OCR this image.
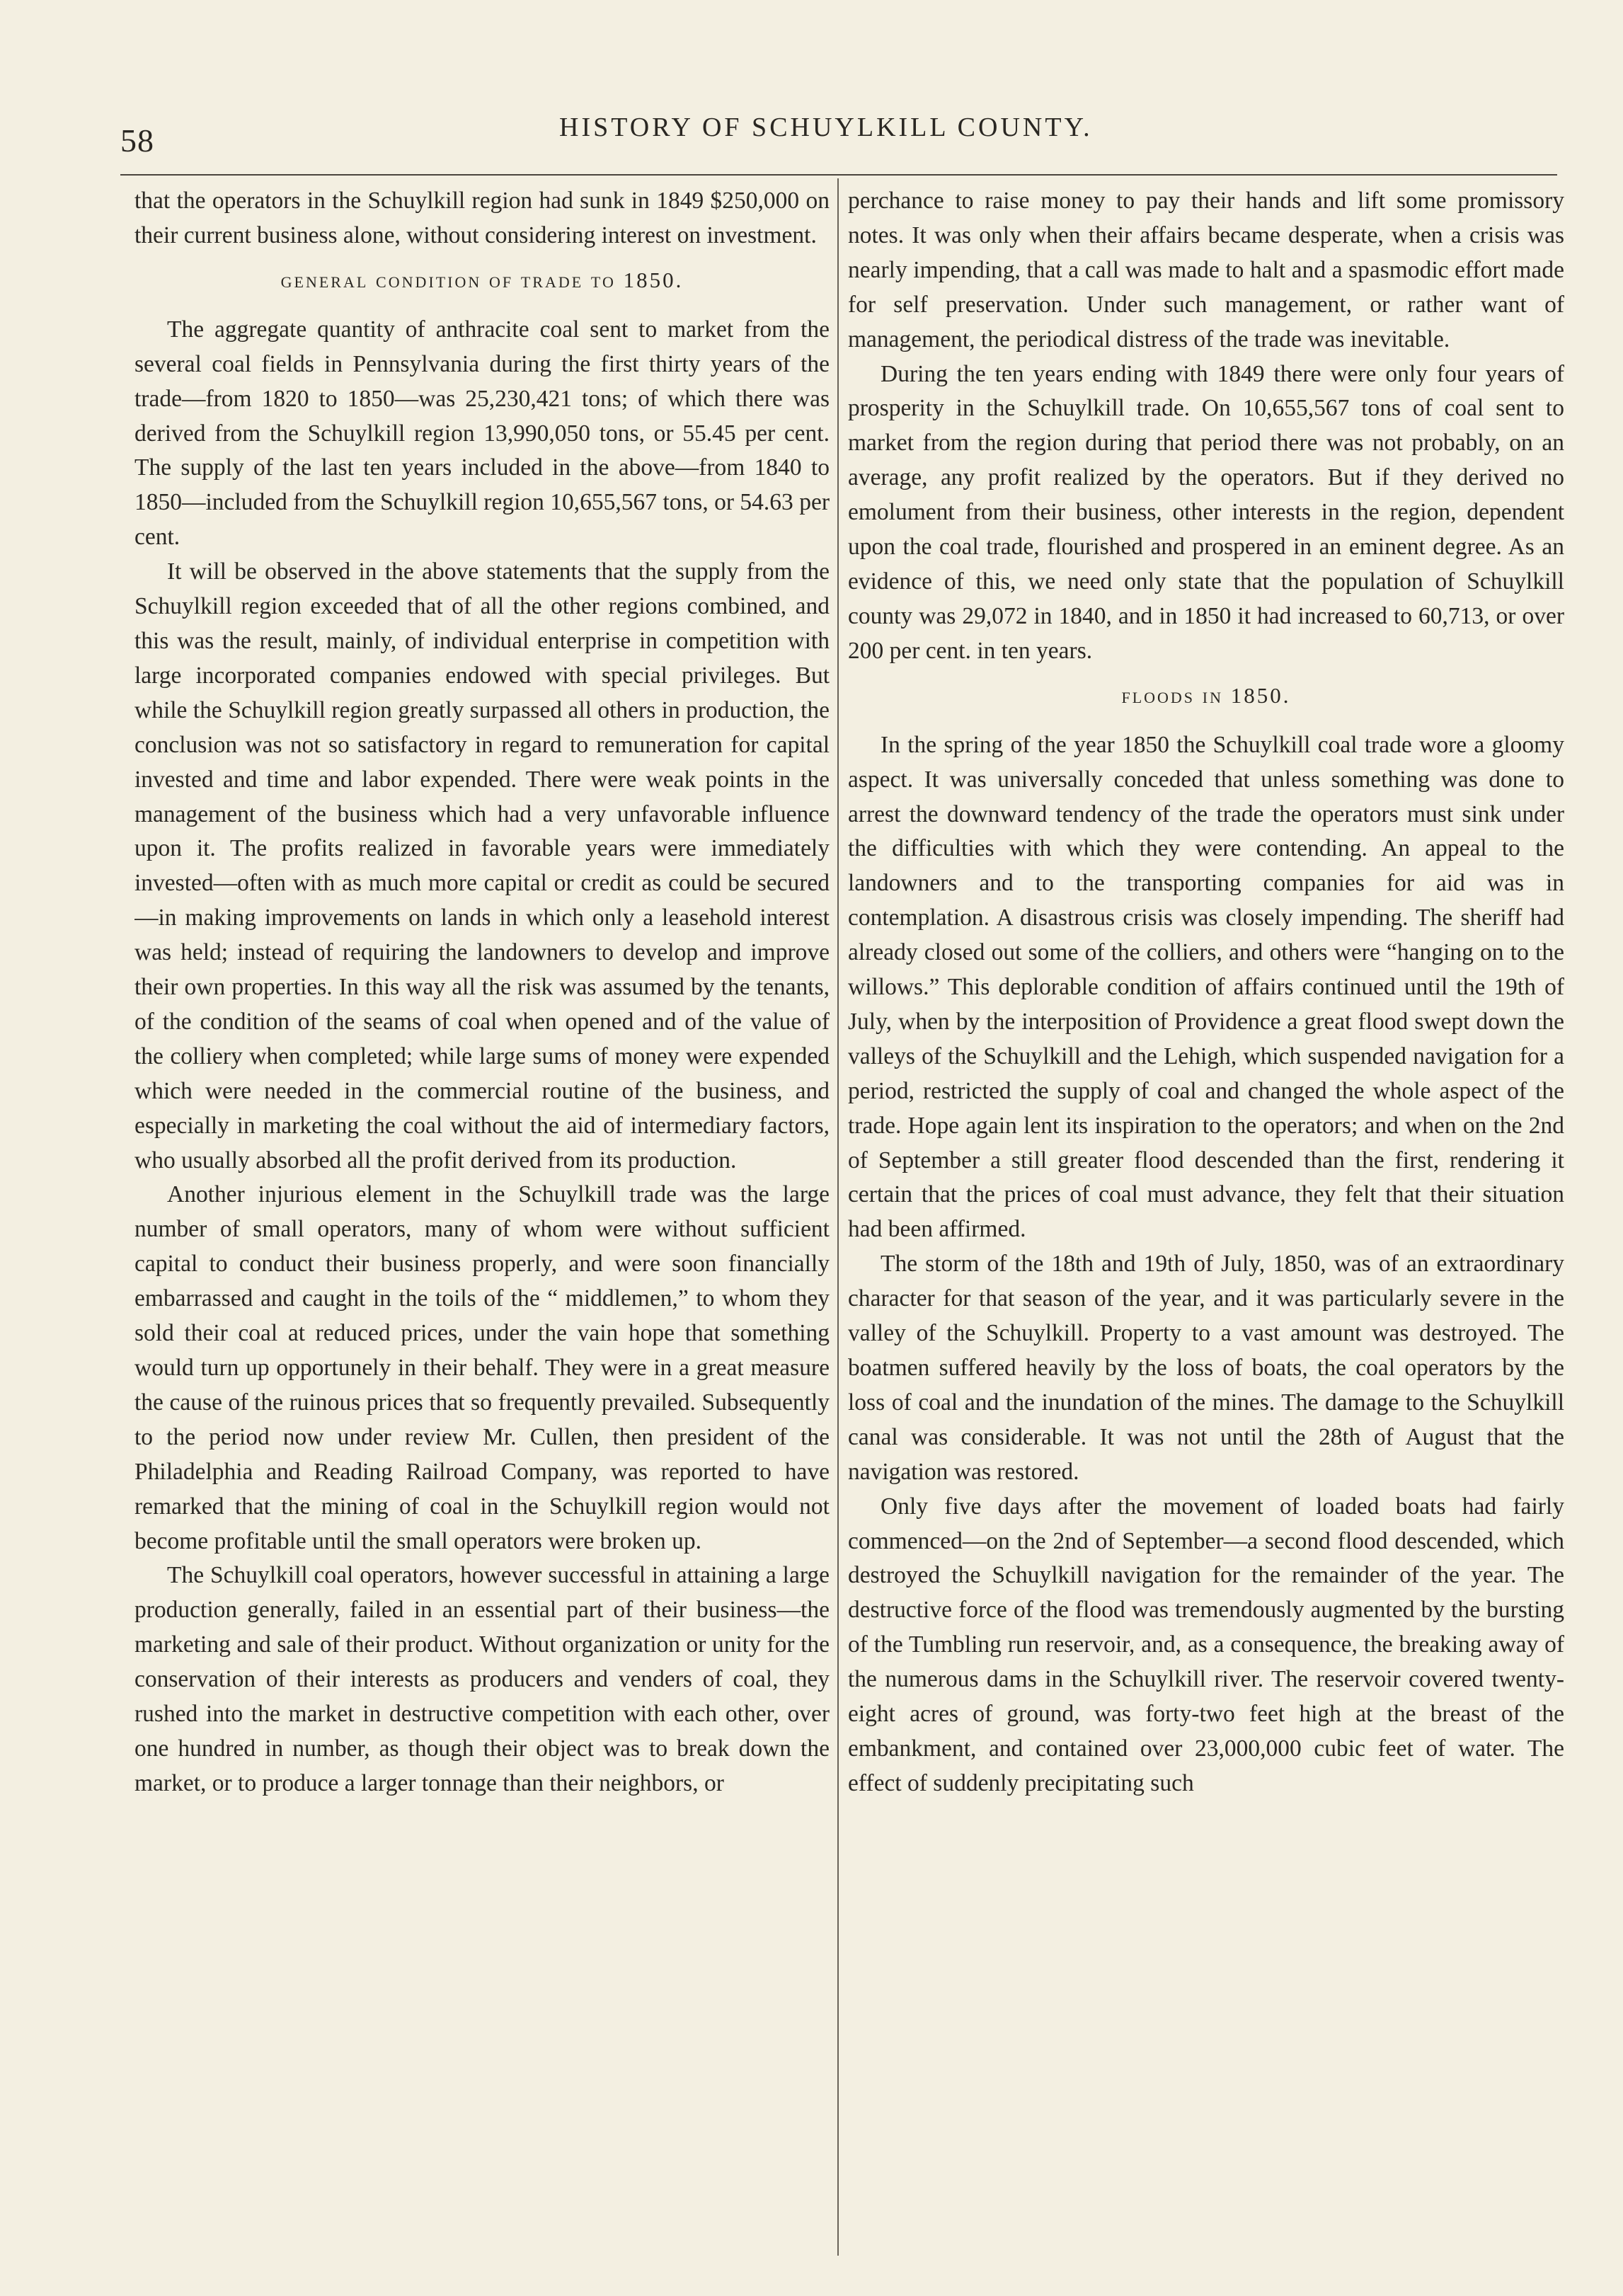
58	HISTORY OF SCHUYLKILL COUNTY.

that the operators in the Schuylkill region had sunk in 1849 $250,000 on their current business alone, without considering interest on investment.

general condition of trade to 1850.

The aggregate quantity of anthracite coal sent to market from the several coal fields in Pennsylvania during the first thirty years of the trade—from 1820 to 1850—was 25,230,421 tons; of which there was derived from the Schuylkill region 13,990,050 tons, or 55.45 per cent. The supply of the last ten years included in the above—from 1840 to 1850—included from the Schuylkill region 10,655,567 tons, or 54.63 per cent.

It will be observed in the above statements that the supply from the Schuylkill region exceeded that of all the other regions combined, and this was the result, mainly, of individual enterprise in competition with large incorporated companies endowed with special privileges. But while the Schuylkill region greatly surpassed all others in production, the conclusion was not so satisfactory in regard to remuneration for capital invested and time and labor expended. There were weak points in the management of the business which had a very unfavorable influence upon it. The profits realized in favorable years were immediately invested—often with as much more capital or credit as could be secured—in making improvements on lands in which only a leasehold interest was held; instead of requiring the landowners to develop and improve their own properties. In this way all the risk was assumed by the tenants, of the condition of the seams of coal when opened and of the value of the colliery when completed; while large sums of money were expended which were needed in the commercial routine of the business, and especially in marketing the coal without the aid of intermediary factors, who usually absorbed all the profit derived from its production.

Another injurious element in the Schuylkill trade was the large number of small operators, many of whom were without sufficient capital to conduct their business properly, and were soon financially embarrassed and caught in the toils of the “ middlemen,” to whom they sold their coal at reduced prices, under the vain hope that something would turn up opportunely in their behalf. They were in a great measure the cause of the ruinous prices that so frequently prevailed. Subsequently to the period now under review Mr. Cullen, then president of the Philadelphia and Reading Railroad Company, was reported to have remarked that the mining of coal in the Schuylkill region would not become profitable until the small operators were broken up.

The Schuylkill coal operators, however successful in attaining a large production generally, failed in an essential part of their business—the marketing and sale of their product. Without organization or unity for the conservation of their interests as producers and venders of coal, they rushed into the market in destructive competition with each other, over one hundred in number, as though their object was to break down the market, or to produce a larger tonnage than their neighbors, or

perchance to raise money to pay their hands and lift some promissory notes. It was only when their affairs became desperate, when a crisis was nearly impending, that a call was made to halt and a spasmodic effort made for self preservation. Under such management, or rather want of management, the periodical distress of the trade was inevitable.

During the ten years ending with 1849 there were only four years of prosperity in the Schuylkill trade. On 10,655,567 tons of coal sent to market from the region during that period there was not probably, on an average, any profit realized by the operators. But if they derived no emolument from their business, other interests in the region, dependent upon the coal trade, flourished and prospered in an eminent degree. As an evidence of this, we need only state that the population of Schuylkill county was 29,072 in 1840, and in 1850 it had increased to 60,713, or over 200 per cent. in ten years.

floods in 1850.

In the spring of the year 1850 the Schuylkill coal trade wore a gloomy aspect. It was universally conceded that unless something was done to arrest the downward tendency of the trade the operators must sink under the difficulties with which they were contending. An appeal to the landowners and to the transporting companies for aid was in contemplation. A disastrous crisis was closely impending. The sheriff had already closed out some of the colliers, and others were “hanging on to the willows.” This deplorable condition of affairs continued until the 19th of July, when by the interposition of Providence a great flood swept down the valleys of the Schuylkill and the Lehigh, which suspended navigation for a period, restricted the supply of coal and changed the whole aspect of the trade. Hope again lent its inspiration to the operators; and when on the 2nd of September a still greater flood descended than the first, rendering it certain that the prices of coal must advance, they felt that their situation had been affirmed.

The storm of the 18th and 19th of July, 1850, was of an extraordinary character for that season of the year, and it was particularly severe in the valley of the Schuylkill. Property to a vast amount was destroyed. The boatmen suffered heavily by the loss of boats, the coal operators by the loss of coal and the inundation of the mines. The damage to the Schuylkill canal was considerable. It was not until the 28th of August that the navigation was restored.

Only five days after the movement of loaded boats had fairly commenced—on the 2nd of September—a second flood descended, which destroyed the Schuylkill navigation for the remainder of the year. The destructive force of the flood was tremendously augmented by the bursting of the Tumbling run reservoir, and, as a consequence, the breaking away of the numerous dams in the Schuylkill river. The reservoir covered twenty-eight acres of ground, was forty-two feet high at the breast of the embankment, and contained over 23,000,000 cubic feet of water. The effect of suddenly precipitating such
